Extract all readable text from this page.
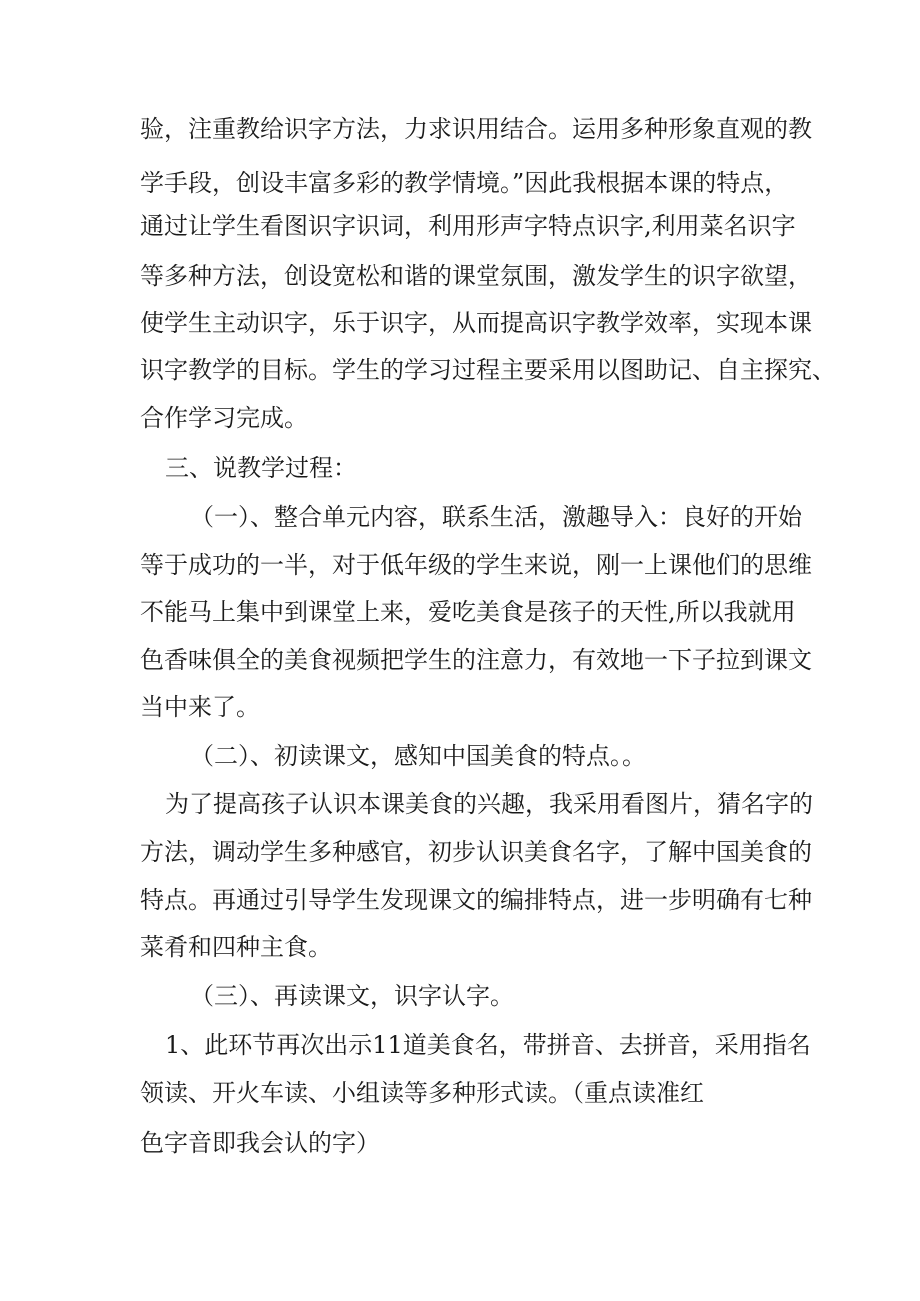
验，注重教给识字方法，力求识用结合。运用多种形象直观的教

学手段，创设丰富多彩的教学情境。”因此我根据本课的特点，

通过让学生看图识字识词，利用形声字特点识字,利用菜名识字

等多种方法，创设宽松和谐的课堂氛围，激发学生的识字欲望，

使学生主动识字，乐于识字，从而提高识字教学效率，实现本课

识字教学的目标。学生的学习过程主要采用以图助记、自主探究、

合作学习完成。

三、说教学过程：

（一）、整合单元内容，联系生活，激趣导入：良好的开始

等于成功的一半，对于低年级的学生来说，刚一上课他们的思维

不能马上集中到课堂上来，爱吃美食是孩子的天性,所以我就用

色香味俱全的美食视频把学生的注意力，有效地一下子拉到课文

当中来了。

（二）、初读课文，感知中国美食的特点。。

为了提高孩子认识本课美食的兴趣，我采用看图片，猜名字的

方法，调动学生多种感官，初步认识美食名字，了解中国美食的

特点。再通过引导学生发现课文的编排特点，进一步明确有七种

菜肴和四种主食。

（三）、再读课文，识字认字。

1、此环节再次出示11道美食名，带拼音、去拼音，采用指名

领读、开火车读、小组读等多种形式读。（重点读准红

色字音即我会认的字）
